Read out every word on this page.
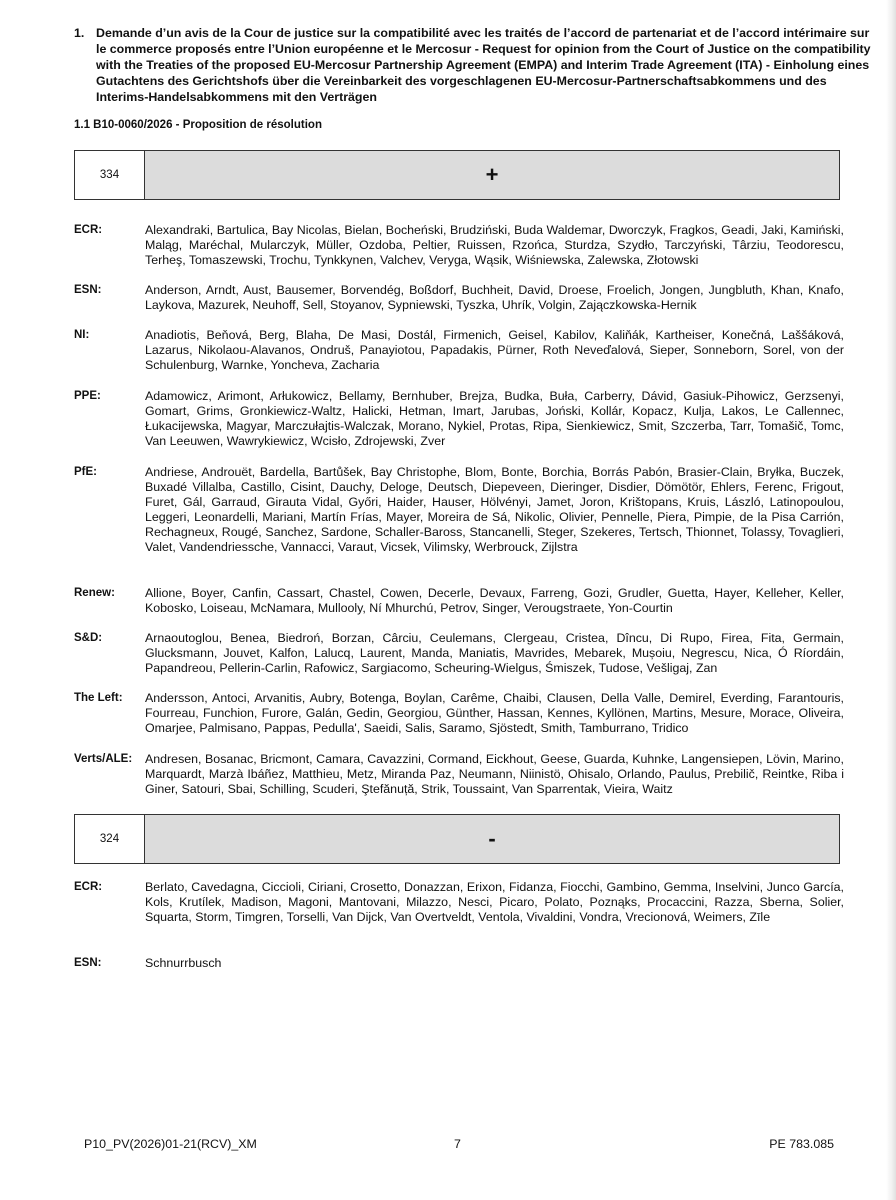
1. Demande d’un avis de la Cour de justice sur la compatibilité avec les traités de l’accord de partenariat et de l’accord intérimaire sur le commerce proposés entre l’Union européenne et le Mercosur - Request for opinion from the Court of Justice on the compatibility with the Treaties of the proposed EU-Mercosur Partnership Agreement (EMPA) and Interim Trade Agreement (ITA) - Einholung eines Gutachtens des Gerichtshofs über die Vereinbarkeit des vorgeschlagenen EU-Mercosur-Partnerschaftsabkommens und des Interims-Handelsabkommens mit den Verträgen
1.1 B10-0060/2026 - Proposition de résolution
334	+
ECR:	Alexandraki, Bartulica, Bay Nicolas, Bielan, Bocheński, Brudziński, Buda Waldemar, Dworczyk, Fragkos, Geadi, Jaki, Kamiński, Maląg, Maréchal, Mularczyk, Müller, Ozdoba, Peltier, Ruissen, Rzońca, Sturdza, Szydło, Tarczyński, Târziu, Teodorescu, Terheş, Tomaszewski, Trochu, Tynkkynen, Valchev, Veryga, Wąsik, Wiśniewska, Zalewska, Złotowski
ESN:	Anderson, Arndt, Aust, Bausemer, Borvendég, Boßdorf, Buchheit, David, Droese, Froelich, Jongen, Jungbluth, Khan, Knafo, Laykova, Mazurek, Neuhoff, Sell, Stoyanov, Sypniewski, Tyszka, Uhrík, Volgin, Zajączkowska-Hernik
NI:	Anadiotis, Beňová, Berg, Blaha, De Masi, Dostál, Firmenich, Geisel, Kabilov, Kaliňák, Kartheiser, Konečná, Laššáková, Lazarus, Nikolaou-Alavanos, Ondruš, Panayiotou, Papadakis, Pürner, Roth Neveďalová, Sieper, Sonneborn, Sorel, von der Schulenburg, Warnke, Yoncheva, Zacharia
PPE:	Adamowicz, Arimont, Arłukowicz, Bellamy, Bernhuber, Brejza, Budka, Buła, Carberry, Dávid, Gasiuk-Pihowicz, Gerzsenyi, Gomart, Grims, Gronkiewicz-Waltz, Halicki, Hetman, Imart, Jarubas, Joński, Kollár, Kopacz, Kulja, Lakos, Le Callennec, Łukacijewska, Magyar, Marczułajtis-Walczak, Morano, Nykiel, Protas, Ripa, Sienkiewicz, Smit, Szczerba, Tarr, Tomašič, Tomc, Van Leeuwen, Wawrykiewicz, Wcisło, Zdrojewski, Zver
PfE:	Andriese, Androuët, Bardella, Bartůšek, Bay Christophe, Blom, Bonte, Borchia, Borrás Pabón, Brasier-Clain, Bryłka, Buczek, Buxadé Villalba, Castillo, Cisint, Dauchy, Deloge, Deutsch, Diepeveen, Dieringer, Disdier, Dömötör, Ehlers, Ferenc, Frigout, Furet, Gál, Garraud, Girauta Vidal, Győri, Haider, Hauser, Hölvényi, Jamet, Joron, Krištopans, Kruis, László, Latinopoulou, Leggeri, Leonardelli, Mariani, Martín Frías, Mayer, Moreira de Sá, Nikolic, Olivier, Pennelle, Piera, Pimpie, de la Pisa Carrión, Rechagneux, Rougé, Sanchez, Sardone, Schaller-Baross, Stancanelli, Steger, Szekeres, Tertsch, Thionnet, Tolassy, Tovaglieri, Valet, Vandendriessche, Vannacci, Varaut, Vicsek, Vilimsky, Werbrouck, Zijlstra
Renew:	Allione, Boyer, Canfin, Cassart, Chastel, Cowen, Decerle, Devaux, Farreng, Gozi, Grudler, Guetta, Hayer, Kelleher, Keller, Kobosko, Loiseau, McNamara, Mullooly, Ní Mhurchú, Petrov, Singer, Verougstraete, Yon-Courtin
S&D:	Arnaoutoglou, Benea, Biedroń, Borzan, Cârciu, Ceulemans, Clergeau, Cristea, Dîncu, Di Rupo, Firea, Fita, Germain, Glucksmann, Jouvet, Kalfon, Lalucq, Laurent, Manda, Maniatis, Mavrides, Mebarek, Mușoiu, Negrescu, Nica, Ó Ríordáin, Papandreou, Pellerin-Carlin, Rafowicz, Sargiacomo, Scheuring-Wielgus, Śmiszek, Tudose, Vešligaj, Zan
The Left:	Andersson, Antoci, Arvanitis, Aubry, Botenga, Boylan, Carême, Chaibi, Clausen, Della Valle, Demirel, Everding, Farantouris, Fourreau, Funchion, Furore, Galán, Gedin, Georgiou, Günther, Hassan, Kennes, Kyllönen, Martins, Mesure, Morace, Oliveira, Omarjee, Palmisano, Pappas, Pedulla', Saeidi, Salis, Saramo, Sjöstedt, Smith, Tamburrano, Tridico
Verts/ALE:	Andresen, Bosanac, Bricmont, Camara, Cavazzini, Cormand, Eickhout, Geese, Guarda, Kuhnke, Langensiepen, Lövin, Marino, Marquardt, Marzà Ibáñez, Matthieu, Metz, Miranda Paz, Neumann, Niinistö, Ohisalo, Orlando, Paulus, Prebilič, Reintke, Riba i Giner, Satouri, Sbai, Schilling, Scuderi, Ştefănuță, Strik, Toussaint, Van Sparrentak, Vieira, Waitz
324	-
ECR:	Berlato, Cavedagna, Ciccioli, Ciriani, Crosetto, Donazzan, Erixon, Fidanza, Fiocchi, Gambino, Gemma, Inselvini, Junco García, Kols, Krutílek, Madison, Magoni, Mantovani, Milazzo, Nesci, Picaro, Polato, Poznąks, Procaccini, Razza, Sberna, Solier, Squarta, Storm, Timgren, Torselli, Van Dijck, Van Overtveldt, Ventola, Vivaldini, Vondra, Vrecionová, Weimers, Zīle
ESN:	Schnurrbusch
P10_PV(2026)01-21(RCV)_XM	7	PE 783.085
